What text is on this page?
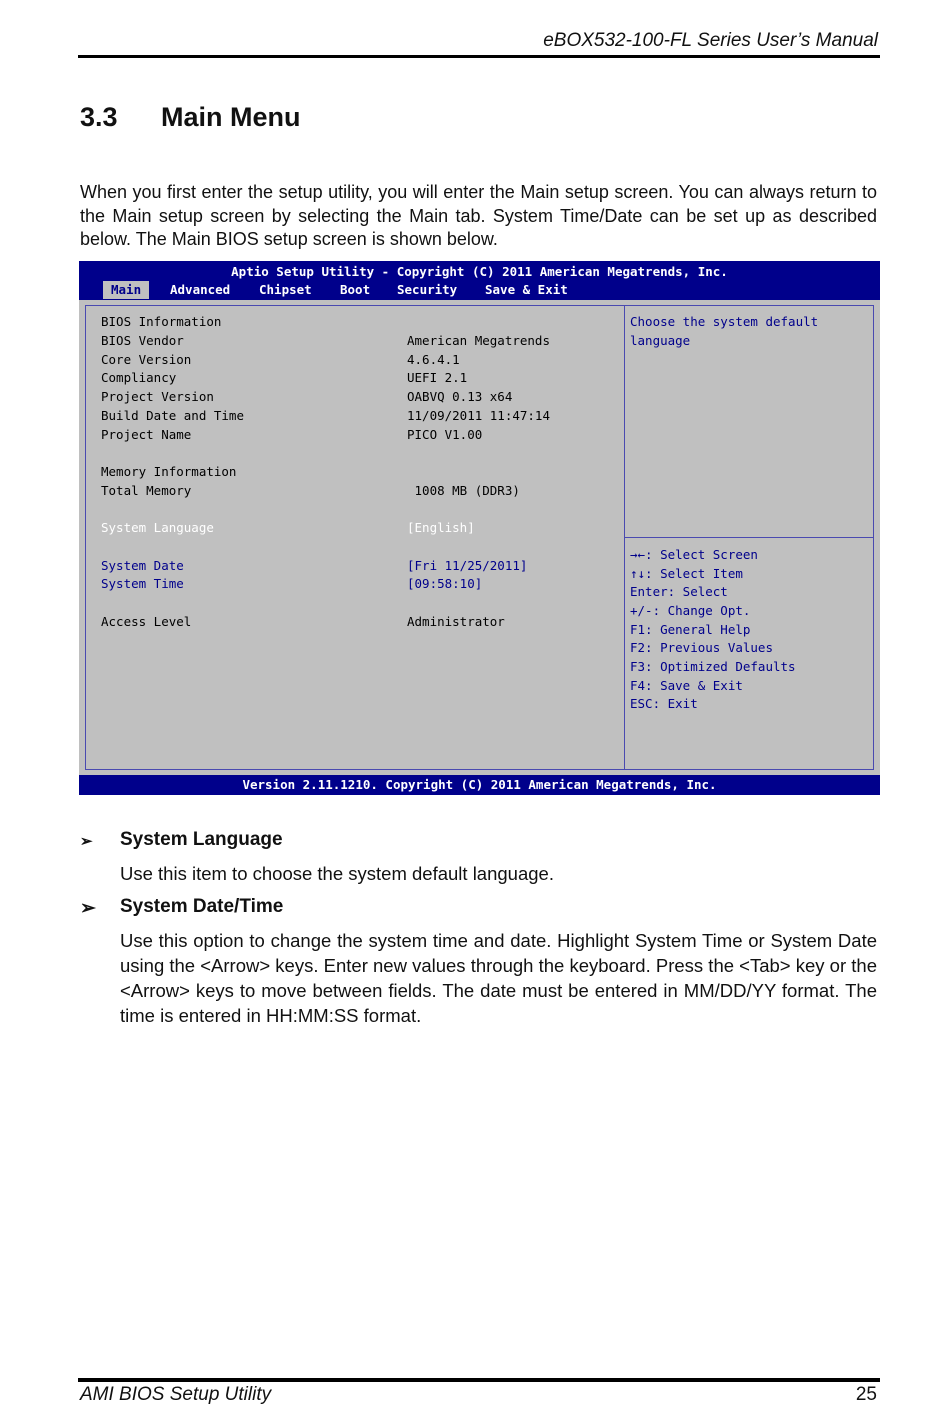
eBOX532-100-FL Series User’s Manual
3.3 Main Menu

When you first enter the setup utility, you will enter the Main setup screen. You can always return to the Main setup screen by selecting the Main tab. System Time/Date can be set up as described below. The Main BIOS setup screen is shown below.

Aptio Setup Utility - Copyright (C) 2011 American Megatrends, Inc.
Main	Advanced	Chipset	Boot	Security	Save & Exit

BIOS Information

BIOS Vendor

	American Megatrends

Core Version

	4.6.4.1

Compliancy

	UEFI 2.1

Project Version

	OABVQ 0.13 x64

Build Date and Time

	11/09/2011 11:47:14

Project Name

	PICO V1.00

Memory Information

Total Memory

	1008 MB (DDR3)

System Language

	[English]

System Date

	[Fri 11/25/2011]

System Time

	[09:58:10]

Access Level

	Administrator

Choose the system default
language
→←: Select Screen
↑↓: Select Item
Enter: Select
+/-: Change Opt.
F1: General Help
F2: Previous Values
F3: Optimized Defaults
F4: Save & Exit
ESC: Exit
Version 2.11.1210. Copyright (C) 2011 American Megatrends, Inc.
➢ System Language

Use this item to choose the system default language.

➢ System Date/Time

Use this option to change the system time and date. Highlight System Time or System Date using the <Arrow> keys. Enter new values through the keyboard. Press the <Tab> key or the <Arrow> keys to move between fields. The date must be entered in MM/DD/YY format. The time is entered in HH:MM:SS format.

AMI BIOS Setup Utility	25
